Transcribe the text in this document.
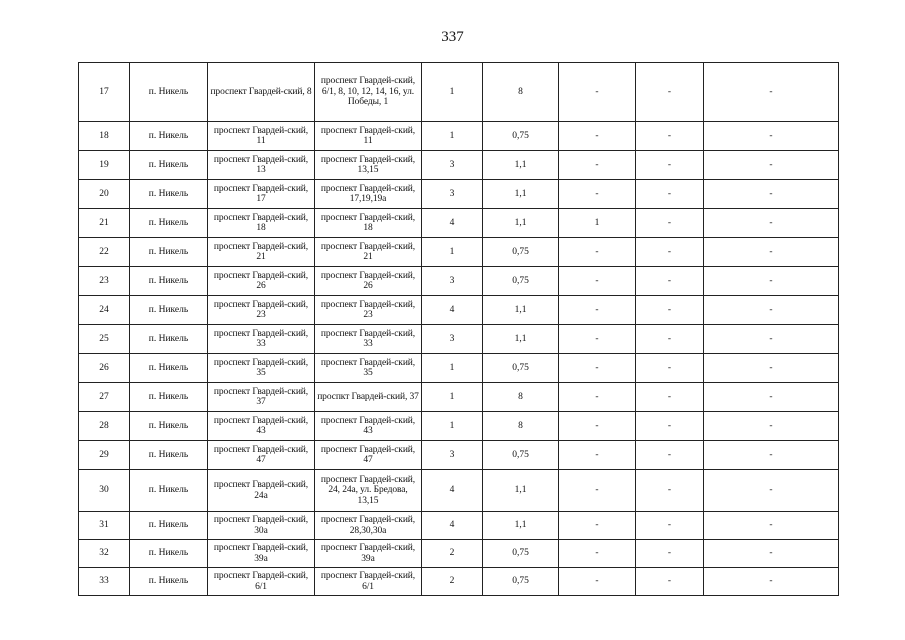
337
17	п. Никель	проспект Гвардей-ский, 8	проспект Гвардей-ский, 6/1, 8, 10, 12, 14, 16, ул. Победы, 1	1	8	-	-	-
18	п. Никель	проспект Гвардей-ский, 11	проспект Гвардей-ский, 11	1	0,75	-	-	-
19	п. Никель	проспект Гвардей-ский, 13	проспект Гвардей-ский, 13,15	3	1,1	-	-	-
20	п. Никель	проспект Гвардей-ский, 17	проспект Гвардей-ский, 17,19,19а	3	1,1	-	-	-
21	п. Никель	проспект Гвардей-ский, 18	проспект Гвардей-ский, 18	4	1,1	1	-	-
22	п. Никель	проспект Гвардей-ский, 21	проспект Гвардей-ский, 21	1	0,75	-	-	-
23	п. Никель	проспект Гвардей-ский, 26	проспект Гвардей-ский, 26	3	0,75	-	-	-
24	п. Никель	проспект Гвардей-ский, 23	проспект Гвардей-ский, 23	4	1,1	-	-	-
25	п. Никель	проспект Гвардей-ский, 33	проспект Гвардей-ский, 33	3	1,1	-	-	-
26	п. Никель	проспект Гвардей-ский, 35	проспект Гвардей-ский, 35	1	0,75	-	-	-
27	п. Никель	проспект Гвардей-ский, 37	проспкт Гвардей-ский, 37	1	8	-	-	-
28	п. Никель	проспект Гвардей-ский, 43	проспект Гвардей-ский, 43	1	8	-	-	-
29	п. Никель	проспект Гвардей-ский, 47	проспект Гвардей-ский, 47	3	0,75	-	-	-
30	п. Никель	проспект Гвардей-ский, 24а	проспект Гвардей-ский, 24, 24а, ул. Бредова, 13,15	4	1,1	-	-	-
31	п. Никель	проспект Гвардей-ский, 30а	проспект Гвардей-ский, 28,30,30а	4	1,1	-	-	-
32	п. Никель	проспект Гвардей-ский, 39а	проспект Гвардей-ский, 39а	2	0,75	-	-	-
33	п. Никель	проспект Гвардей-ский, 6/1	проспект Гвардей-ский, 6/1	2	0,75	-	-	-
